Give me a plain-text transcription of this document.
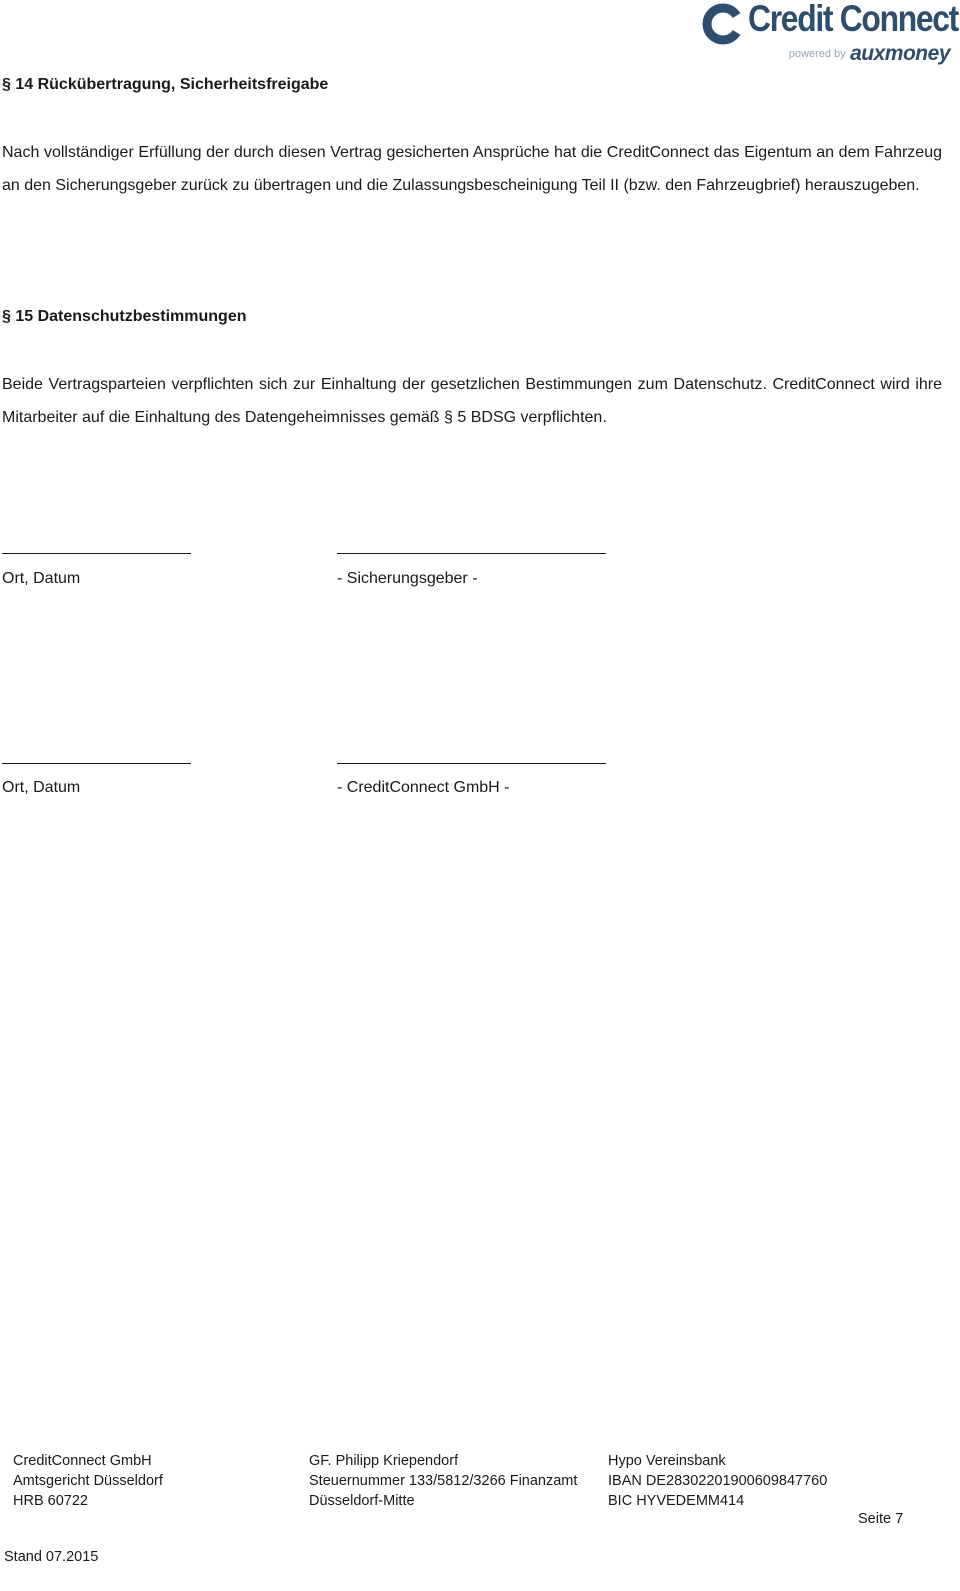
Credit Connect
powered by auxmoney
§ 14 Rückübertragung, Sicherheitsfreigabe
Nach vollständiger Erfüllung der durch diesen Vertrag gesicherten Ansprüche hat die CreditConnect das Eigentum an dem Fahrzeug an den Sicherungsgeber zurück zu übertragen und die Zulassungsbescheinigung Teil II (bzw. den Fahrzeugbrief) herauszugeben.
§ 15 Datenschutzbestimmungen
Beide Vertragsparteien verpflichten sich zur Einhaltung der gesetzlichen Bestimmungen zum Datenschutz. CreditConnect wird ihre Mitarbeiter auf die Einhaltung des Datengeheimnisses gemäß § 5 BDSG verpflichten.
Ort, Datum	- Sicherungsgeber -
Ort, Datum	- CreditConnect GmbH -
CreditConnect GmbH
Amtsgericht Düsseldorf
HRB 60722
GF. Philipp Kriependorf
Steuernummer 133/5812/3266 Finanzamt
Düsseldorf-Mitte
Hypo Vereinsbank
IBAN DE28302201900609847760
BIC HYVEDEMM414
Seite 7
Stand 07.2015
